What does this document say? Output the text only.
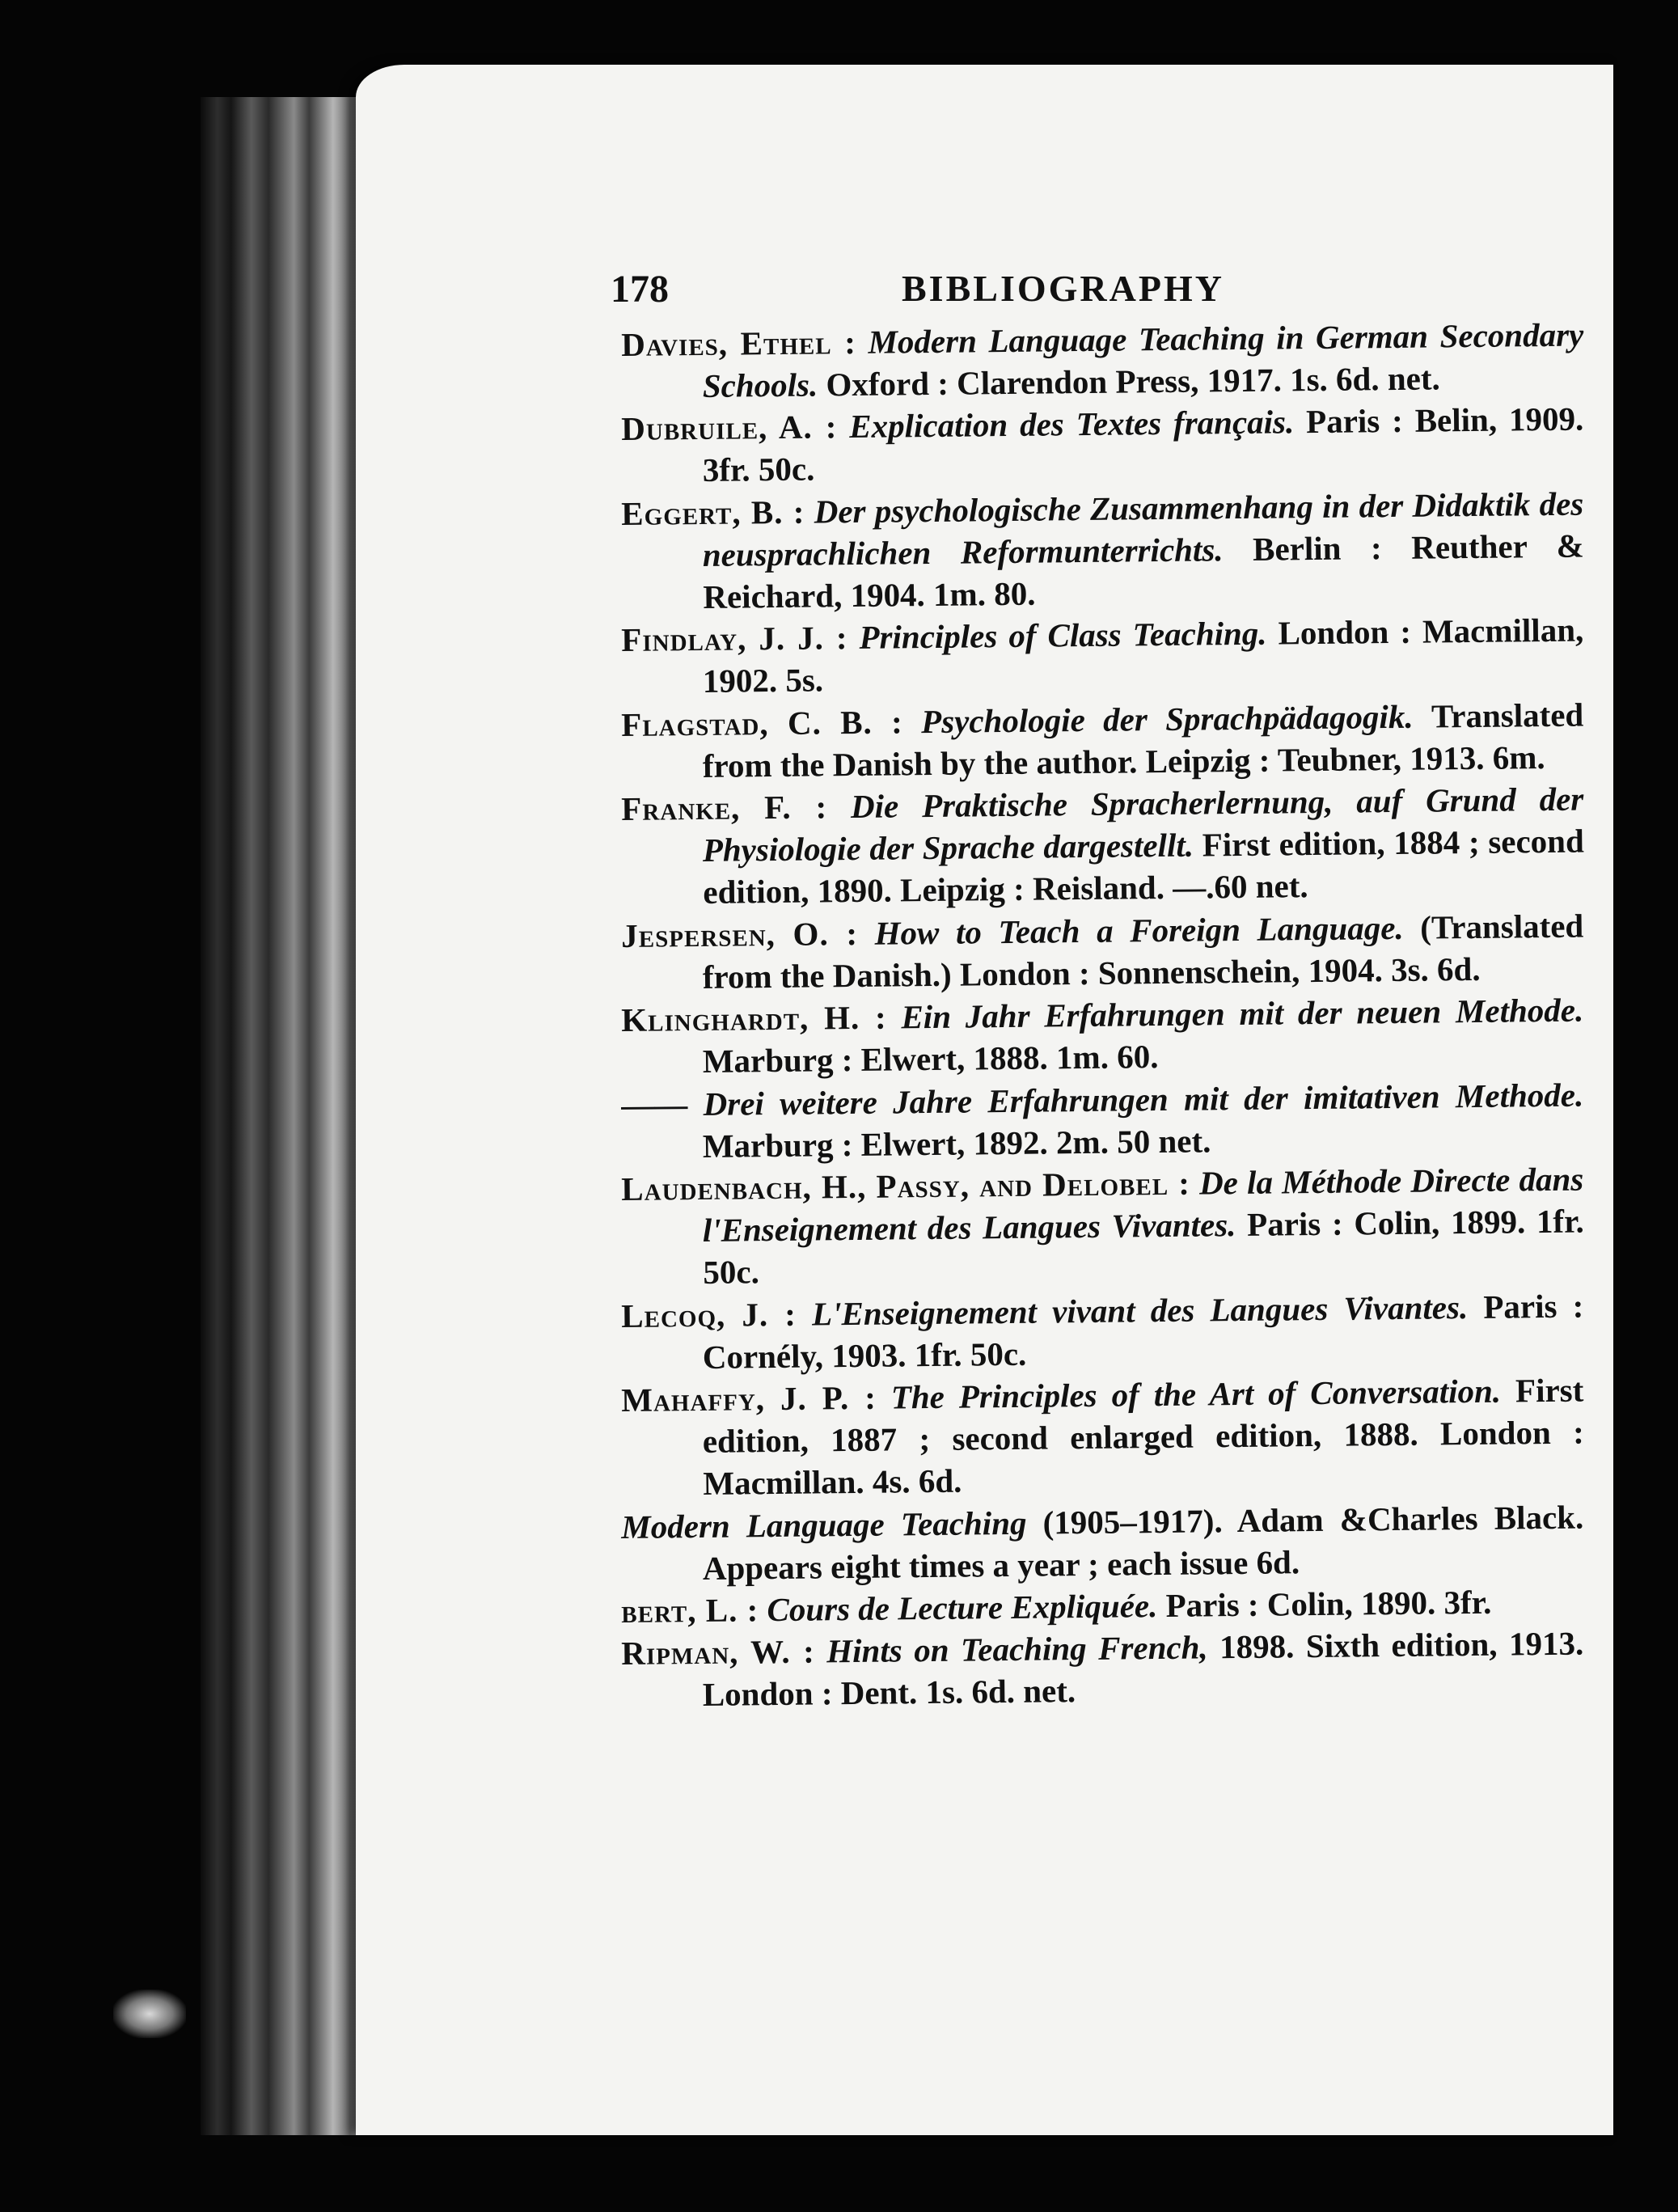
178	BIBLIOGRAPHY

Davies, Ethel : Modern Language Teaching in German Secondary Schools. Oxford : Clarendon Press, 1917. 1s. 6d. net.

Dubruile, A. : Explication des Textes français. Paris : Belin, 1909. 3fr. 50c.

Eggert, B. : Der psychologische Zusammenhang in der Didaktik des neusprachlichen Reformunterrichts. Berlin : Reuther & Reichard, 1904. 1m. 80.

Findlay, J. J. : Principles of Class Teaching. London : Macmillan, 1902. 5s.

Flagstad, C. B. : Psychologie der Sprachpädagogik. Translated from the Danish by the author. Leipzig : Teubner, 1913. 6m.

Franke, F. : Die Praktische Spracherlernung, auf Grund der Physiologie der Sprache dargestellt. First edition, 1884 ; second edition, 1890. Leipzig : Reisland. —.60 net.

Jespersen, O. : How to Teach a Foreign Language. (Translated from the Danish.) London : Sonnenschein, 1904. 3s. 6d.

Klinghardt, H. : Ein Jahr Erfahrungen mit der neuen Methode. Marburg : Elwert, 1888. 1m. 60.

—— Drei weitere Jahre Erfahrungen mit der imitativen Methode. Marburg : Elwert, 1892. 2m. 50 net.

Laudenbach, H., Passy, and Delobel : De la Méthode Directe dans l'Enseignement des Langues Vivantes. Paris : Colin, 1899. 1fr. 50c.

Lecoq, J. : L'Enseignement vivant des Langues Vivantes. Paris : Cornély, 1903. 1fr. 50c.

Mahaffy, J. P. : The Principles of the Art of Conversation. First edition, 1887 ; second enlarged edition, 1888. London : Macmillan. 4s. 6d.

Modern Language Teaching (1905–1917). Adam &Charles Black. Appears eight times a year ; each issue 6d.

bert, L. : Cours de Lecture Expliquée. Paris : Colin, 1890. 3fr.

Ripman, W. : Hints on Teaching French, 1898. Sixth edition, 1913. London : Dent. 1s. 6d. net.
